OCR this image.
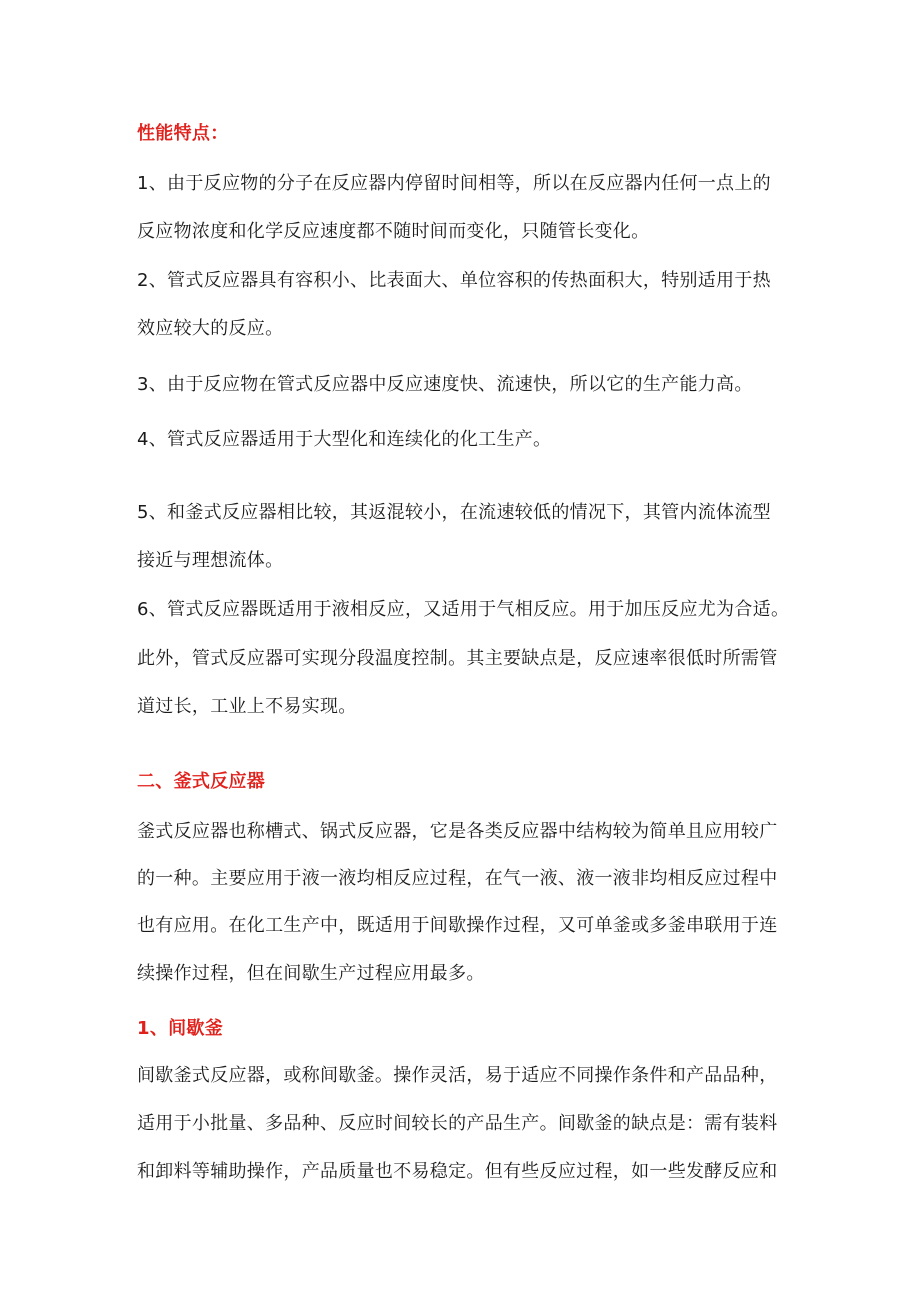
性能特点：
1、由于反应物的分子在反应器内停留时间相等，所以在反应器内任何一点上的
反应物浓度和化学反应速度都不随时间而变化，只随管长变化。
2、管式反应器具有容积小、比表面大、单位容积的传热面积大，特别适用于热
效应较大的反应。
3、由于反应物在管式反应器中反应速度快、流速快，所以它的生产能力高。
4、管式反应器适用于大型化和连续化的化工生产。
5、和釜式反应器相比较，其返混较小，在流速较低的情况下，其管内流体流型
接近与理想流体。
6、管式反应器既适用于液相反应，又适用于气相反应。用于加压反应尤为合适。
此外，管式反应器可实现分段温度控制。其主要缺点是，反应速率很低时所需管
道过长，工业上不易实现。
二、釜式反应器
釜式反应器也称槽式、锅式反应器，它是各类反应器中结构较为简单且应用较广
的一种。主要应用于液一液均相反应过程，在气一液、液一液非均相反应过程中
也有应用。在化工生产中，既适用于间歇操作过程，又可单釜或多釜串联用于连
续操作过程，但在间歇生产过程应用最多。
1、间歇釜
间歇釜式反应器，或称间歇釜。操作灵活，易于适应不同操作条件和产品品种，
适用于小批量、多品种、反应时间较长的产品生产。间歇釜的缺点是：需有装料
和卸料等辅助操作，产品质量也不易稳定。但有些反应过程，如一些发酵反应和
